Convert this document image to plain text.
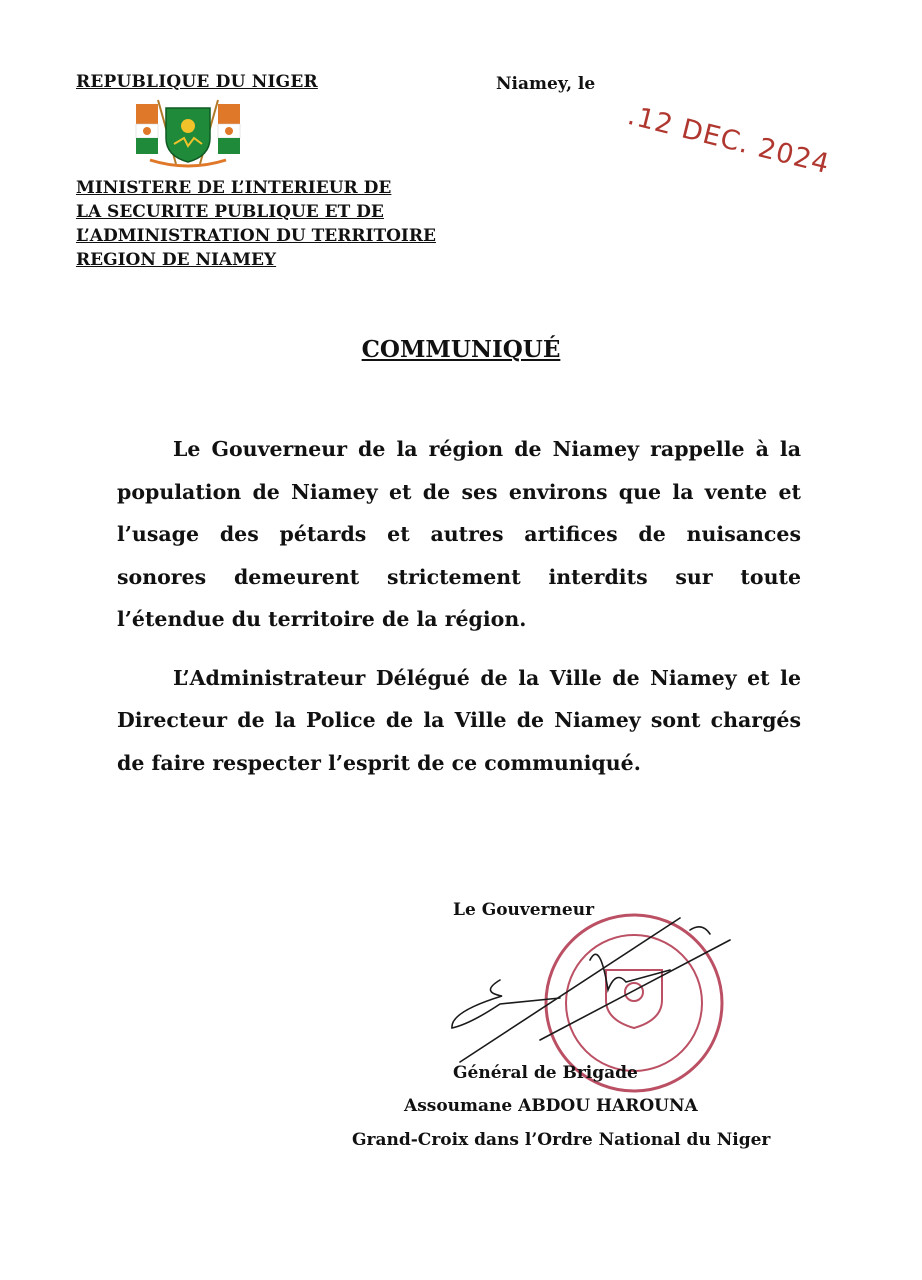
REPUBLIQUE DU NIGER
MINISTERE DE L’INTERIEUR DE
LA SECURITE PUBLIQUE ET DE
L’ADMINISTRATION DU TERRITOIRE
REGION DE NIAMEY
Niamey, le
.12 DEC. 2024
COMMUNIQUÉ

Le Gouverneur de la région de Niamey rappelle à la population de Niamey et de ses environs que la vente et l’usage des pétards et autres artifices de nuisances sonores demeurent strictement interdits sur toute l’étendue du territoire de la région.

L’Administrateur Délégué de la Ville de Niamey et le Directeur de la Police de la Ville de Niamey sont chargés de faire respecter l’esprit de ce communiqué.

Le Gouverneur
Général de Brigade
Assoumane ABDOU HAROUNA
Grand-Croix dans l’Ordre National du Niger
